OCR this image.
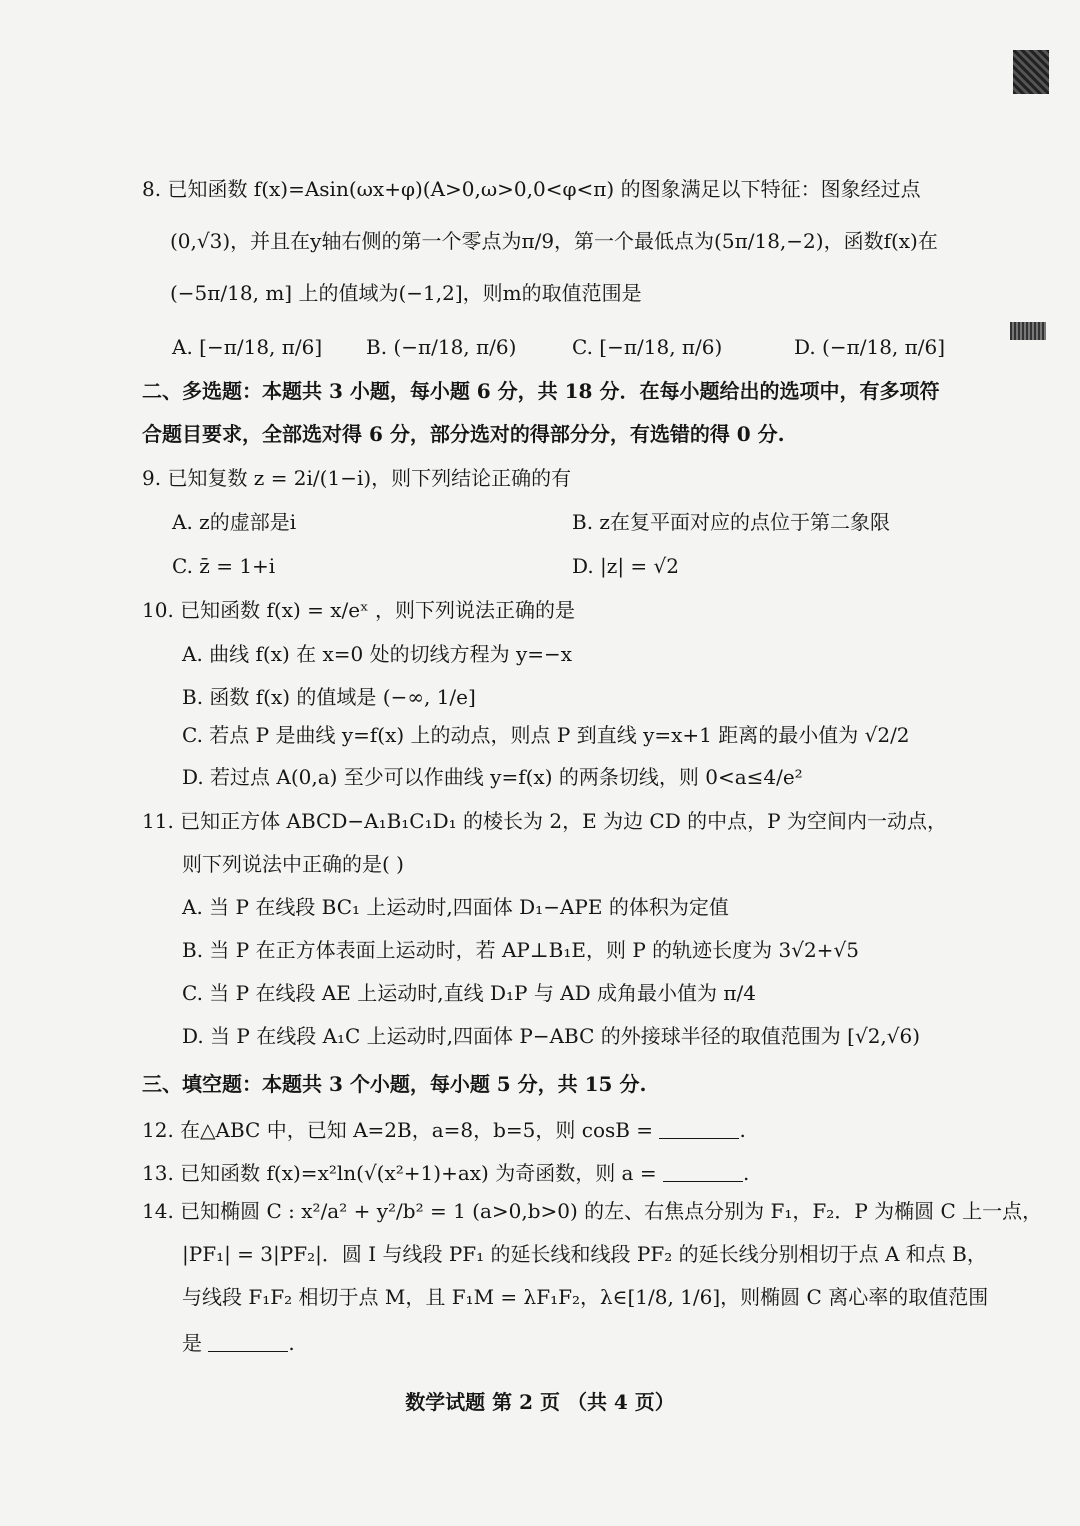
8. 已知函数 f(x)=Asin(ωx+φ)(A>0,ω>0,0<φ<π) 的图象满足以下特征：图象经过点
(0,√3)，并且在y轴右侧的第一个零点为π/9，第一个最低点为(5π/18,−2)，函数f(x)在
(−5π/18, m] 上的值域为(−1,2]，则m的取值范围是
A. [−π/18, π/6] B. (−π/18, π/6)	C. [−π/18, π/6)	D. (−π/18, π/6]
二、多选题：本题共 3 小题，每小题 6 分，共 18 分．在每小题给出的选项中，有多项符
合题目要求，全部选对得 6 分，部分选对的得部分分，有选错的得 0 分.
9. 已知复数 z = 2i/(1−i)，则下列结论正确的有
A. z的虚部是i	B. z在复平面对应的点位于第二象限
C. z̄ = 1+i	D. |z| = √2
10. 已知函数 f(x) = x/eˣ ，则下列说法正确的是
A. 曲线 f(x) 在 x=0 处的切线方程为 y=−x
B. 函数 f(x) 的值域是 (−∞, 1/e]
C. 若点 P 是曲线 y=f(x) 上的动点，则点 P 到直线 y=x+1 距离的最小值为 √2/2
D. 若过点 A(0,a) 至少可以作曲线 y=f(x) 的两条切线，则 0<a≤4/e²
11. 已知正方体 ABCD−A₁B₁C₁D₁ 的棱长为 2，E 为边 CD 的中点，P 为空间内一动点，
则下列说法中正确的是( )
A. 当 P 在线段 BC₁ 上运动时,四面体 D₁−APE 的体积为定值
B. 当 P 在正方体表面上运动时，若 AP⊥B₁E，则 P 的轨迹长度为 3√2+√5
C. 当 P 在线段 AE 上运动时,直线 D₁P 与 AD 成角最小值为 π/4
D. 当 P 在线段 A₁C 上运动时,四面体 P−ABC 的外接球半径的取值范围为 [√2,√6)
三、填空题：本题共 3 个小题，每小题 5 分，共 15 分.
12. 在△ABC 中，已知 A=2B，a=8，b=5，则 cosB =	.
13. 已知函数 f(x)=x²ln(√(x²+1)+ax) 为奇函数，则 a =	.
14. 已知椭圆 C : x²/a² + y²/b² = 1 (a>0,b>0) 的左、右焦点分别为 F₁，F₂．P 为椭圆 C 上一点，
|PF₁| = 3|PF₂|．圆 I 与线段 PF₁ 的延长线和线段 PF₂ 的延长线分别相切于点 A 和点 B，
与线段 F₁F₂ 相切于点 M，且 F₁M = λF₁F₂，λ∈[1/8, 1/6]，则椭圆 C 离心率的取值范围
是	.
数学试题 第 2 页 （共 4 页）
